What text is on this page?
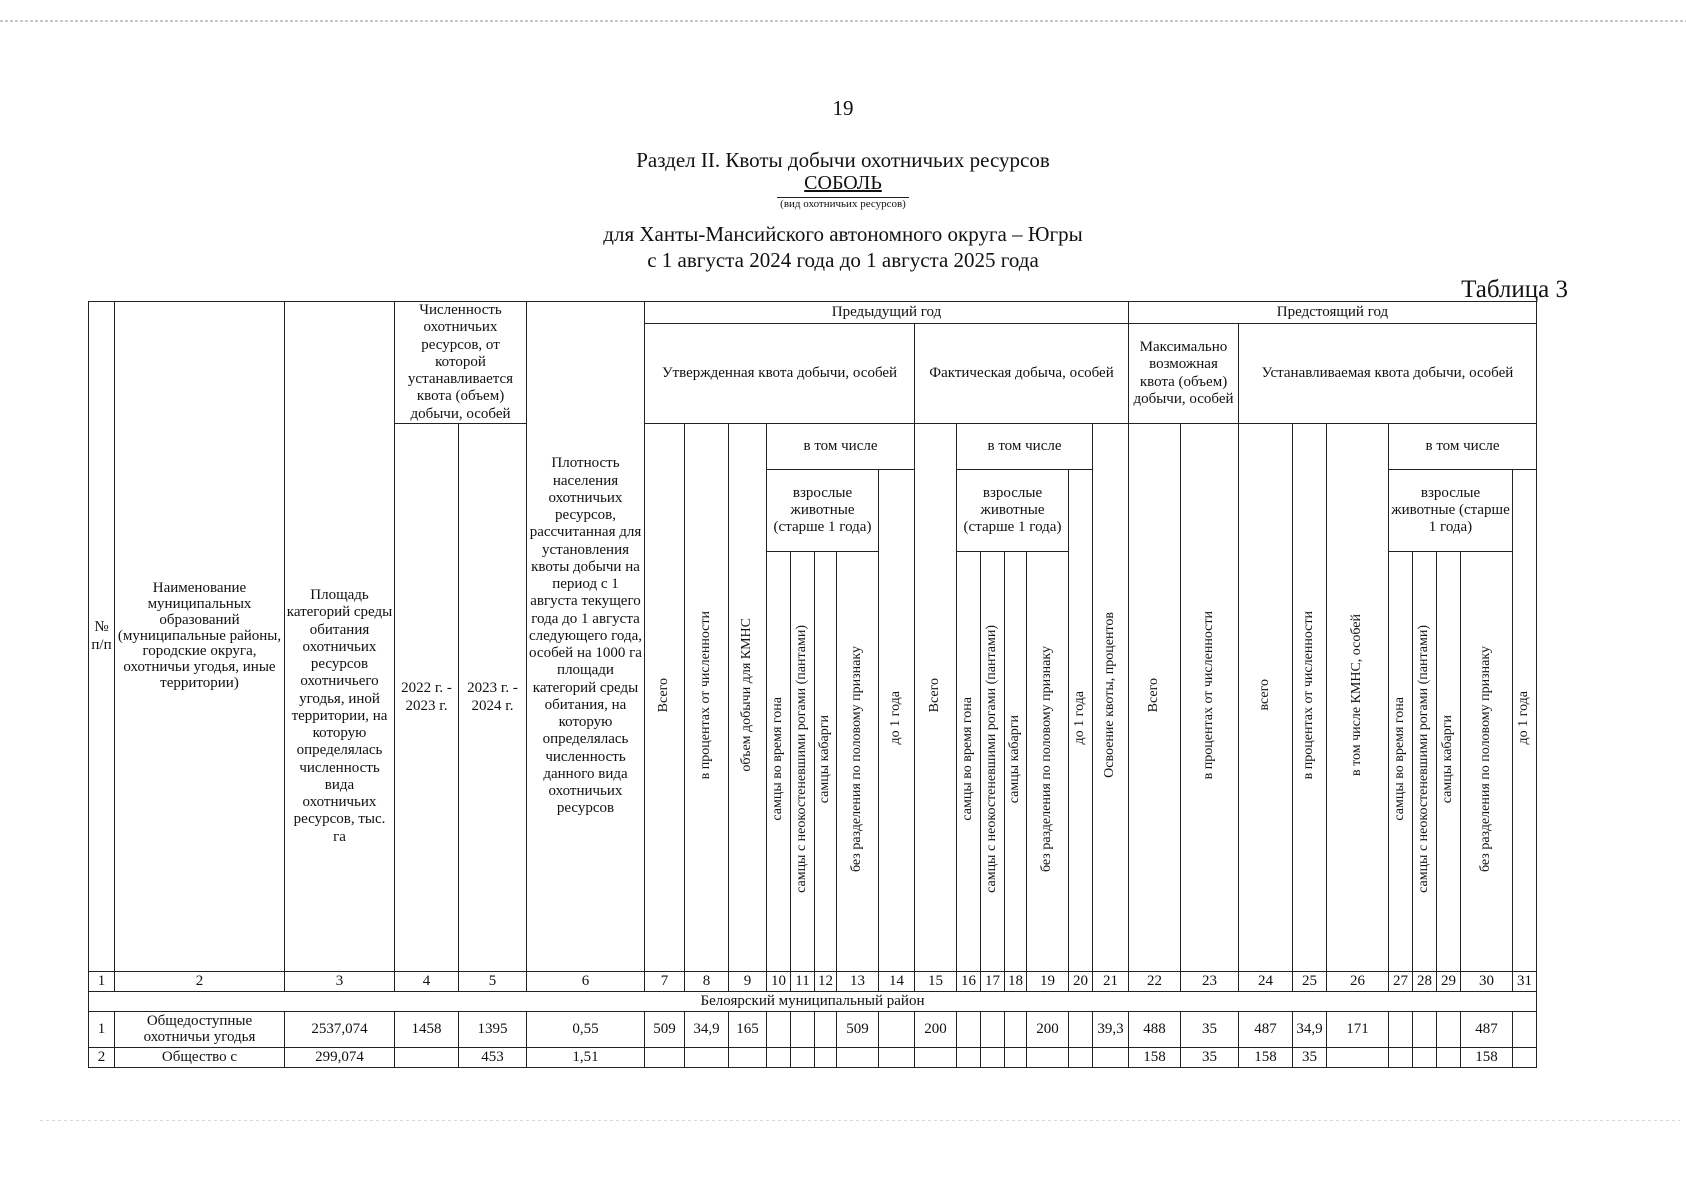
19
Раздел II. Квоты добычи охотничьих ресурсов
СОБОЛЬ
(вид охотничьих ресурсов)
для Ханты-Мансийского автономного округа – Югры
с 1 августа 2024 года до 1 августа 2025 года
Таблица 3
№ п/п	Наименование муниципальных образований (муниципальные районы, городские округа, охотничьи угодья, иные территории)	Площадь категорий среды обитания охотничьих ресурсов охотничьего угодья, иной территории, на которую определялась численность вида охотничьих ресурсов, тыс. га	Численность охотничьих ресурсов, от которой устанавливается квота (объем) добычи, особей		Плотность населения охотничьих ресурсов, рассчитанная для установления квоты добычи на период с 1 августа текущего года до 1 августа следующего года, особей на 1000 га площади категорий среды обитания, на которую определялась численность данного вида охотничьих ресурсов	Предыдущий год															Предстоящий год									
						Утвержденная квота добычи, особей								Фактическая добыча, особей							Максимально возможная квота (объем) добычи, особей		Устанавливаемая квота добычи, особей							
			2022 г. - 2023 г.	2023 г. - 2024 г.		Всего	в процентах от численности	объем добычи для КМНС	в том числе					Всего	в том числе					Освоение квоты, процентов	Всего	в процентах от численности	всего	в процентах от численности	в том числе КМНС, особей	в том числе				
									взрослые животные (старше 1 года)				до 1 года		взрослые животные (старше 1 года)				до 1 года							взрослые животные (старше 1 года)				до 1 года
									самцы во время гона	самцы с неокостеневшими рогами (пантами)	самцы кабарги	без разделения по половому признаку			самцы во время гона	самцы с неокостеневшими рогами (пантами)	самцы кабарги	без разделения по половому признаку								самцы во время гона	самцы с неокостеневшими рогами (пантами)	самцы кабарги	без разделения по половому признаку	
1	2	3	4	5	6	7	8	9	10	11	12	13	14	15	16	17	18	19	20	21	22	23	24	25	26	27	28	29	30	31
Белоярский муниципальный район																														
1	Общедоступные охотничьи угодья	2537,074	1458	1395	0,55	509	34,9	165				509		200				200		39,3	488	35	487	34,9	171				487	
2	Общество с	299,074		453	1,51																158	35	158	35					158	
